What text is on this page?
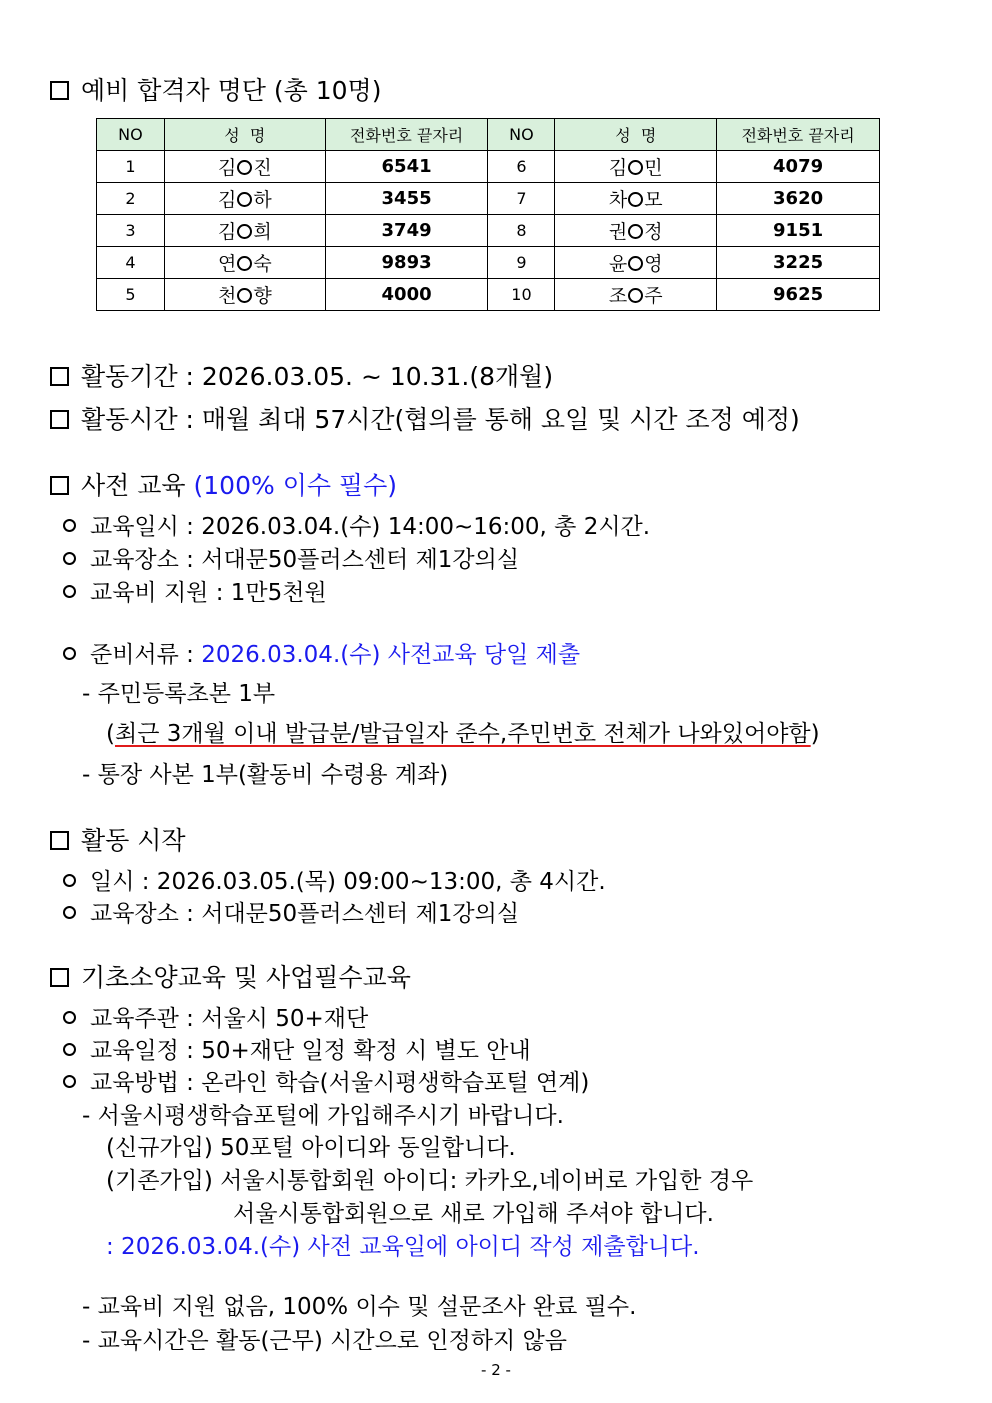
예비 합격자 명단 (총 10명)
NO	성  명	전화번호 끝자리	NO	성  명	전화번호 끝자리
1	김 진	6541	6	김 민	4079
2	김 하	3455	7	차 모	3620
3	김 희	3749	8	권 정	9151
4	연 숙	9893	9	윤 영	3225
5	천 향	4000	10	조 주	9625
활동기간 : 2026.03.05. ~ 10.31.(8개월)
활동시간 : 매월 최대 57시간(협의를 통해 요일 및 시간 조정 예정)
사전 교육 (100% 이수 필수)
교육일시 : 2026.03.04.(수) 14:00~16:00, 총 2시간.
교육장소 : 서대문50플러스센터 제1강의실
교육비 지원 : 1만5천원
준비서류 : 2026.03.04.(수) 사전교육 당일 제출
- 주민등록초본 1부
(최근 3개월 이내 발급분/발급일자 준수,주민번호 전체가 나와있어야함)
- 통장 사본 1부(활동비 수령용 계좌)
활동 시작
일시 : 2026.03.05.(목) 09:00~13:00, 총 4시간.
교육장소 : 서대문50플러스센터 제1강의실
기초소양교육 및 사업필수교육
교육주관 : 서울시 50+재단
교육일정 : 50+재단 일정 확정 시 별도 안내
교육방법 : 온라인 학습(서울시평생학습포털 연계)
- 서울시평생학습포털에 가입해주시기 바랍니다.
(신규가입) 50포털 아이디와 동일합니다.
(기존가입) 서울시통합회원 아이디: 카카오,네이버로 가입한 경우
서울시통합회원으로 새로 가입해 주셔야 합니다.
: 2026.03.04.(수) 사전 교육일에 아이디 작성 제출합니다.
- 교육비 지원 없음, 100% 이수 및 설문조사 완료 필수.
- 교육시간은 활동(근무) 시간으로 인정하지 않음
- 2 -
